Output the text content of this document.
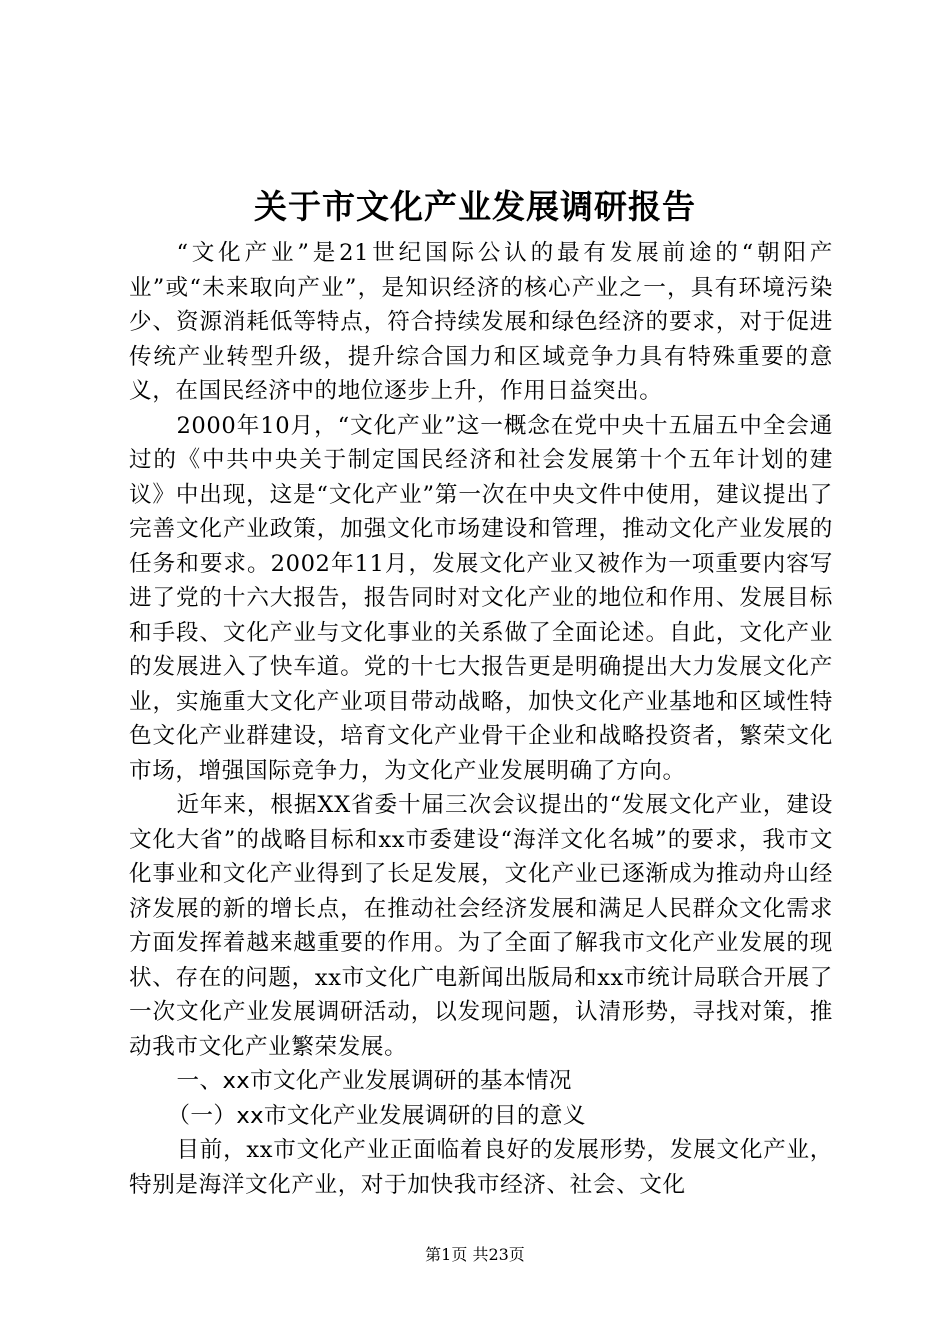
关于市文化产业发展调研报告

“文化产业”是21世纪国际公认的最有发展前途的“朝阳产业”或“未来取向产业”，是知识经济的核心产业之一，具有环境污染少、资源消耗低等特点，符合持续发展和绿色经济的要求，对于促进传统产业转型升级，提升综合国力和区域竞争力具有特殊重要的意义，在国民经济中的地位逐步上升，作用日益突出。

2000年10月，“文化产业”这一概念在党中央十五届五中全会通过的《中共中央关于制定国民经济和社会发展第十个五年计划的建议》中出现，这是“文化产业”第一次在中央文件中使用，建议提出了完善文化产业政策，加强文化市场建设和管理，推动文化产业发展的任务和要求。2002年11月，发展文化产业又被作为一项重要内容写进了党的十六大报告，报告同时对文化产业的地位和作用、发展目标和手段、文化产业与文化事业的关系做了全面论述。自此，文化产业的发展进入了快车道。党的十七大报告更是明确提出大力发展文化产业，实施重大文化产业项目带动战略，加快文化产业基地和区域性特色文化产业群建设，培育文化产业骨干企业和战略投资者，繁荣文化市场，增强国际竞争力，为文化产业发展明确了方向。

近年来，根据XX省委十届三次会议提出的“发展文化产业，建设文化大省”的战略目标和xx市委建设“海洋文化名城”的要求，我市文化事业和文化产业得到了长足发展，文化产业已逐渐成为推动舟山经济发展的新的增长点，在推动社会经济发展和满足人民群众文化需求方面发挥着越来越重要的作用。为了全面了解我市文化产业发展的现状、存在的问题，xx市文化广电新闻出版局和xx市统计局联合开展了一次文化产业发展调研活动，以发现问题，认清形势，寻找对策，推动我市文化产业繁荣发展。

一、xx市文化产业发展调研的基本情况
（一）xx市文化产业发展调研的目的意义

目前，xx市文化产业正面临着良好的发展形势，发展文化产业，特别是海洋文化产业，对于加快我市经济、社会、文化

第1页 共23页
